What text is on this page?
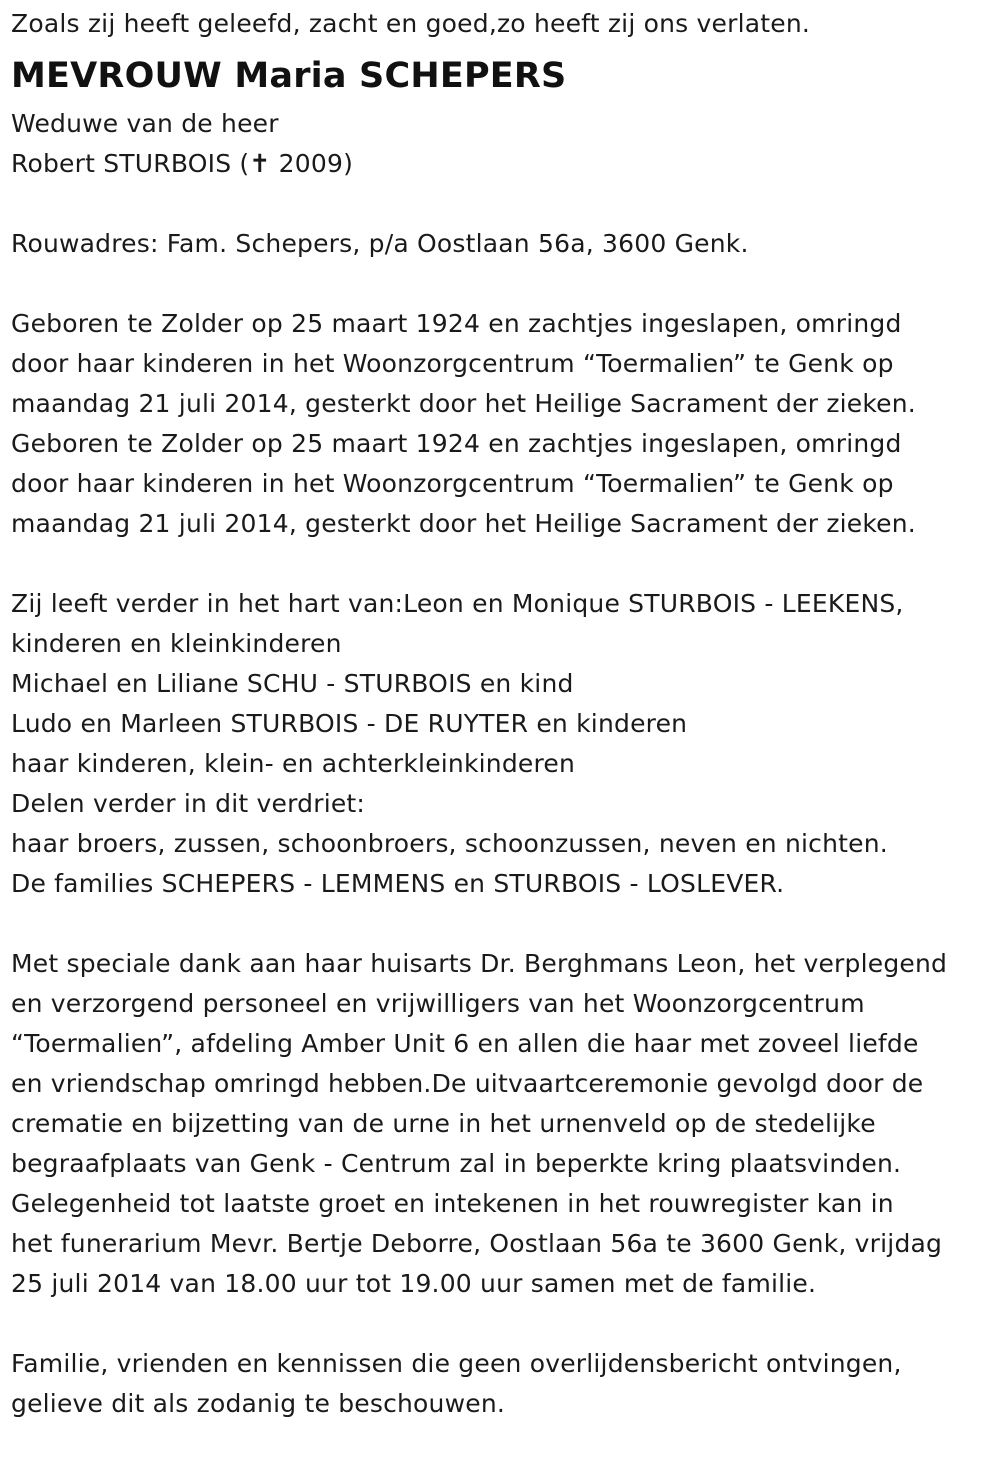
Zoals zij heeft geleefd, zacht en goed,zo heeft zij ons verlaten.
MEVROUW Maria SCHEPERS
Weduwe van de heer
Robert STURBOIS (✝ 2009)
Rouwadres: Fam. Schepers, p/a Oostlaan 56a, 3600 Genk.
Geboren te Zolder op 25 maart 1924 en zachtjes ingeslapen, omringd
door haar kinderen in het Woonzorgcentrum “Toermalien” te Genk op
maandag 21 juli 2014, gesterkt door het Heilige Sacrament der zieken.
Geboren te Zolder op 25 maart 1924 en zachtjes ingeslapen, omringd
door haar kinderen in het Woonzorgcentrum “Toermalien” te Genk op
maandag 21 juli 2014, gesterkt door het Heilige Sacrament der zieken.
Zij leeft verder in het hart van:Leon en Monique STURBOIS - LEEKENS,
kinderen en kleinkinderen
Michael en Liliane SCHU - STURBOIS en kind
Ludo en Marleen STURBOIS - DE RUYTER en kinderen
haar kinderen, klein- en achterkleinkinderen
Delen verder in dit verdriet:
haar broers, zussen, schoonbroers, schoonzussen, neven en nichten.
De families SCHEPERS - LEMMENS en STURBOIS - LOSLEVER.
Met speciale dank aan haar huisarts Dr. Berghmans Leon, het verplegend
en verzorgend personeel en vrijwilligers van het Woonzorgcentrum
“Toermalien”, afdeling Amber Unit 6 en allen die haar met zoveel liefde
en vriendschap omringd hebben.De uitvaartceremonie gevolgd door de
crematie en bijzetting van de urne in het urnenveld op de stedelijke
begraafplaats van Genk - Centrum zal in beperkte kring plaatsvinden.
Gelegenheid tot laatste groet en intekenen in het rouwregister kan in
het funerarium Mevr. Bertje Deborre, Oostlaan 56a te 3600 Genk, vrijdag
25 juli 2014 van 18.00 uur tot 19.00 uur samen met de familie.
Familie, vrienden en kennissen die geen overlijdensbericht ontvingen,
gelieve dit als zodanig te beschouwen.
